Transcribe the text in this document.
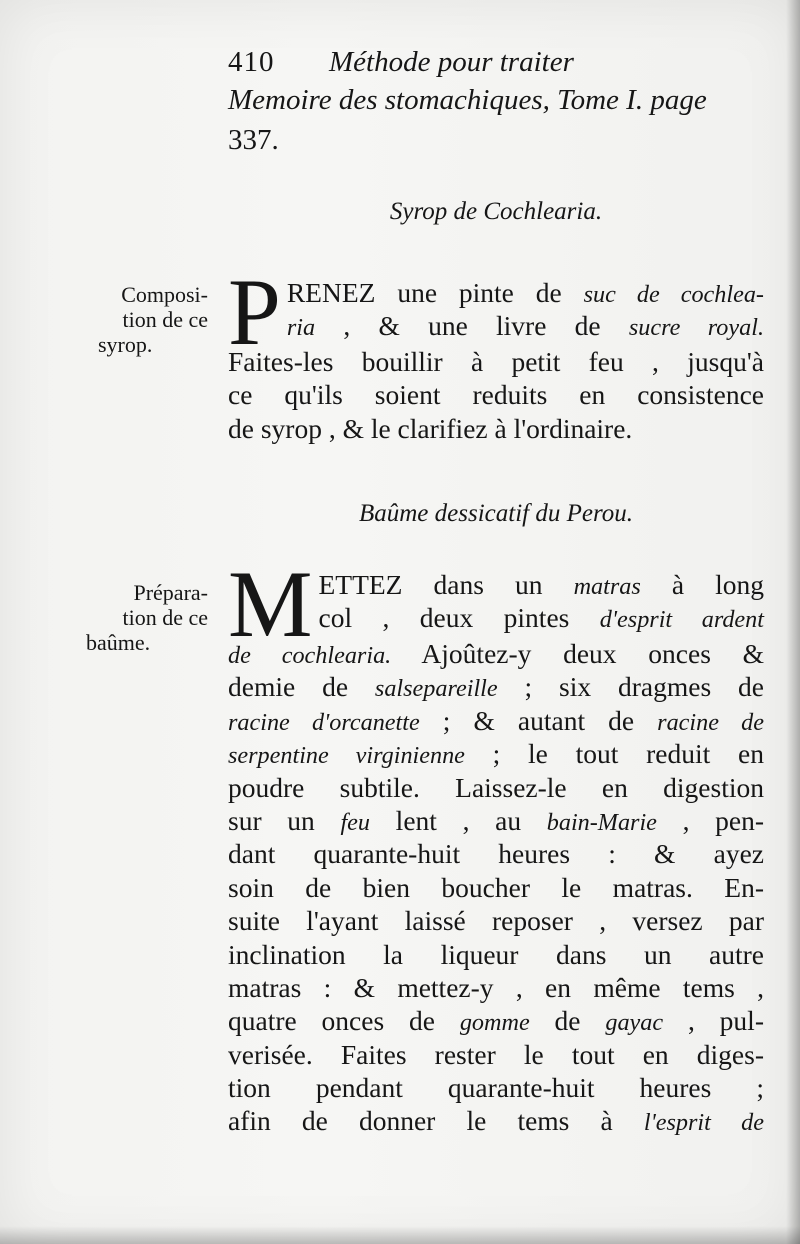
410 Méthode pour traiter
Memoire des stomachiques, Tome I. page
337.
Syrop de Cochlearia.
Composi-
tion de ce
syrop. P RENEZ une pinte de suc de cochlea-
ria , & une livre de sucre royal.
Faites-les bouillir à petit feu , jusqu'à
ce qu'ils soient reduits en consistence
de syrop , & le clarifiez à l'ordinaire.
Baûme dessicatif du Perou.
Prépara-
tion de ce
baûme. M ETTEZ dans un matras à long
col , deux pintes d'esprit ardent
de cochlearia. Ajoûtez-y deux onces &
demie de salsepareille ; six dragmes de
racine d'orcanette ; & autant de racine de
serpentine virginienne ; le tout reduit en
poudre subtile. Laissez-le en digestion
sur un feu lent , au bain-Marie , pen-
dant quarante-huit heures : & ayez
soin de bien boucher le matras. En-
suite l'ayant laissé reposer , versez par
inclination la liqueur dans un autre
matras : & mettez-y , en même tems ,
quatre onces de gomme de gayac , pul-
verisée. Faites rester le tout en diges-
tion pendant quarante-huit heures ;
afin de donner le tems à l'esprit de
